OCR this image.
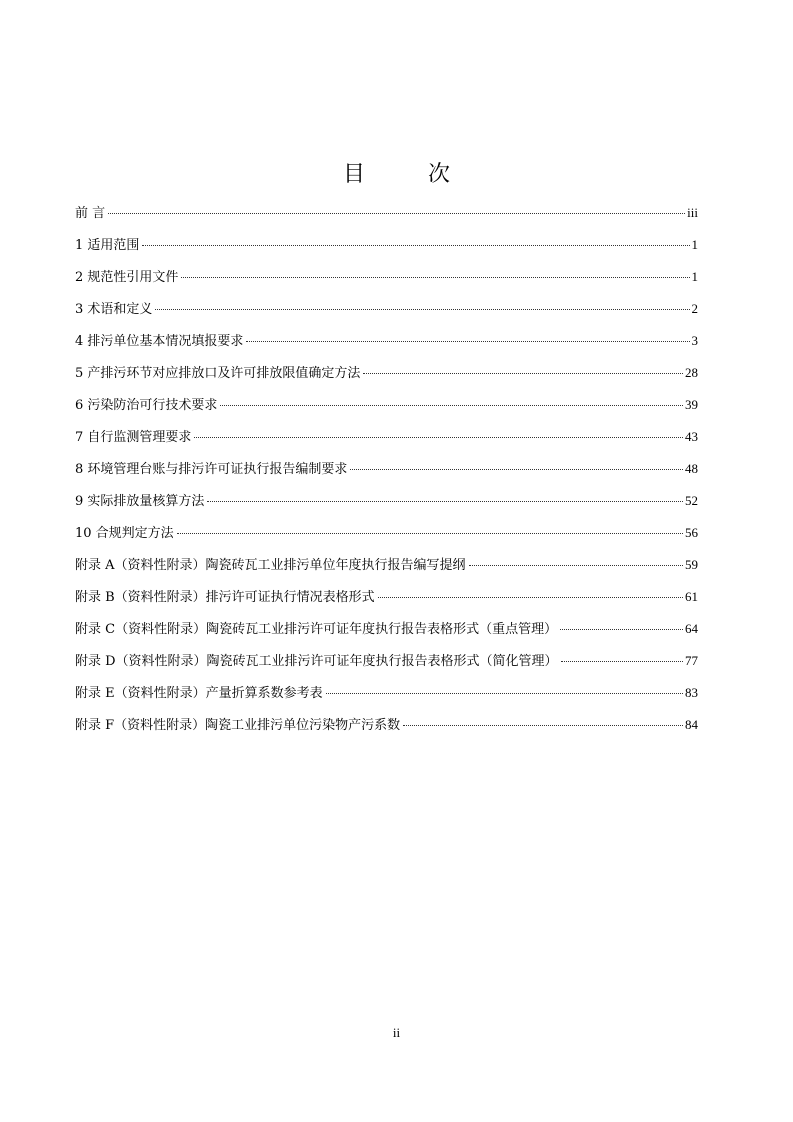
目 次
前 言	iii
1 适用范围	1
2 规范性引用文件	1
3 术语和定义	2
4 排污单位基本情况填报要求	3
5 产排污环节对应排放口及许可排放限值确定方法	28
6 污染防治可行技术要求	39
7 自行监测管理要求	43
8 环境管理台账与排污许可证执行报告编制要求	48
9 实际排放量核算方法	52
10 合规判定方法	56
附录 A（资料性附录）陶瓷砖瓦工业排污单位年度执行报告编写提纲	59
附录 B（资料性附录）排污许可证执行情况表格形式	61
附录 C（资料性附录）陶瓷砖瓦工业排污许可证年度执行报告表格形式（重点管理）	64
附录 D（资料性附录）陶瓷砖瓦工业排污许可证年度执行报告表格形式（简化管理）	77
附录 E（资料性附录）产量折算系数参考表	83
附录 F（资料性附录）陶瓷工业排污单位污染物产污系数	84
ii
